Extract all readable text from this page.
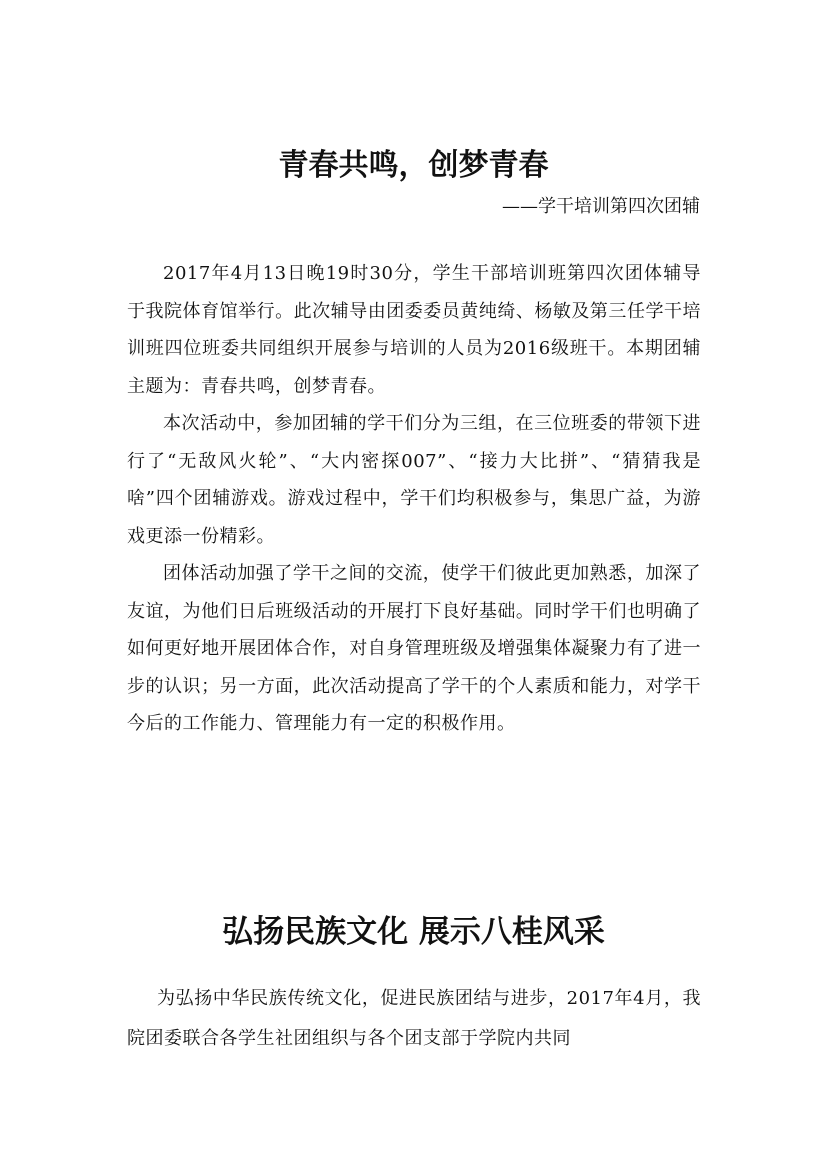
青春共鸣，创梦青春

——学干培训第四次团辅

2017年4月13日晚19时30分，学生干部培训班第四次团体辅导于我院体育馆举行。此次辅导由团委委员黄纯绮、杨敏及第三任学干培训班四位班委共同组织开展参与培训的人员为2016级班干。本期团辅主题为：青春共鸣，创梦青春。

本次活动中，参加团辅的学干们分为三组，在三位班委的带领下进行了“无敌风火轮”、“大内密探007”、“接力大比拼”、“猜猜我是啥”四个团辅游戏。游戏过程中，学干们均积极参与，集思广益，为游戏更添一份精彩。

团体活动加强了学干之间的交流，使学干们彼此更加熟悉，加深了友谊，为他们日后班级活动的开展打下良好基础。同时学干们也明确了如何更好地开展团体合作，对自身管理班级及增强集体凝聚力有了进一步的认识；另一方面，此次活动提高了学干的个人素质和能力，对学干今后的工作能力、管理能力有一定的积极作用。

弘扬民族文化 展示八桂风采

为弘扬中华民族传统文化，促进民族团结与进步，2017年4月，我院团委联合各学生社团组织与各个团支部于学院内共同
